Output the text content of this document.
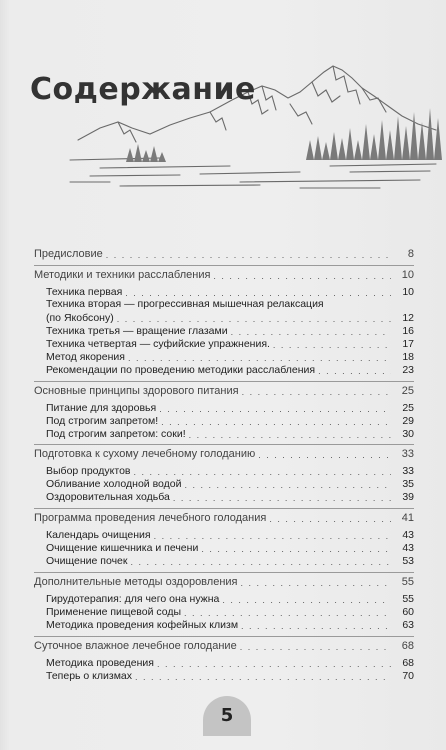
Содержание
Предисловие . . .	8
Методики и техники расслабления . . .	10
Техника первая . . .	10
Техника вторая — прогрессивная мышечная релаксация
(по Якобсону) . . .	12
Техника третья — вращение глазами . . .	16
Техника четвертая — суфийские упражнения. . . .	17
Метод якорения . . .	18
Рекомендации по проведению методики расслабления . . .	23
Основные принципы здорового питания . . .	25
Питание для здоровья . . .	25
Под строгим запретом! . . .	29
Под строгим запретом: соки! . . .	30
Подготовка к сухому лечебному голоданию . . .	33
Выбор продуктов . . .	33
Обливание холодной водой . . .	35
Оздоровительная ходьба . . .	39
Программа проведения лечебного голодания . . .	41
Календарь очищения . . .	43
Очищение кишечника и печени . . .	43
Очищение почек . . .	53
Дополнительные методы оздоровления . . .	55
Гирудотерапия: для чего она нужна . . .	55
Применение пищевой соды . . .	60
Методика проведения кофейных клизм . . .	63
Суточное влажное лечебное голодание . . .	68
Методика проведения . . .	68
Теперь о клизмах . . .	70
5
